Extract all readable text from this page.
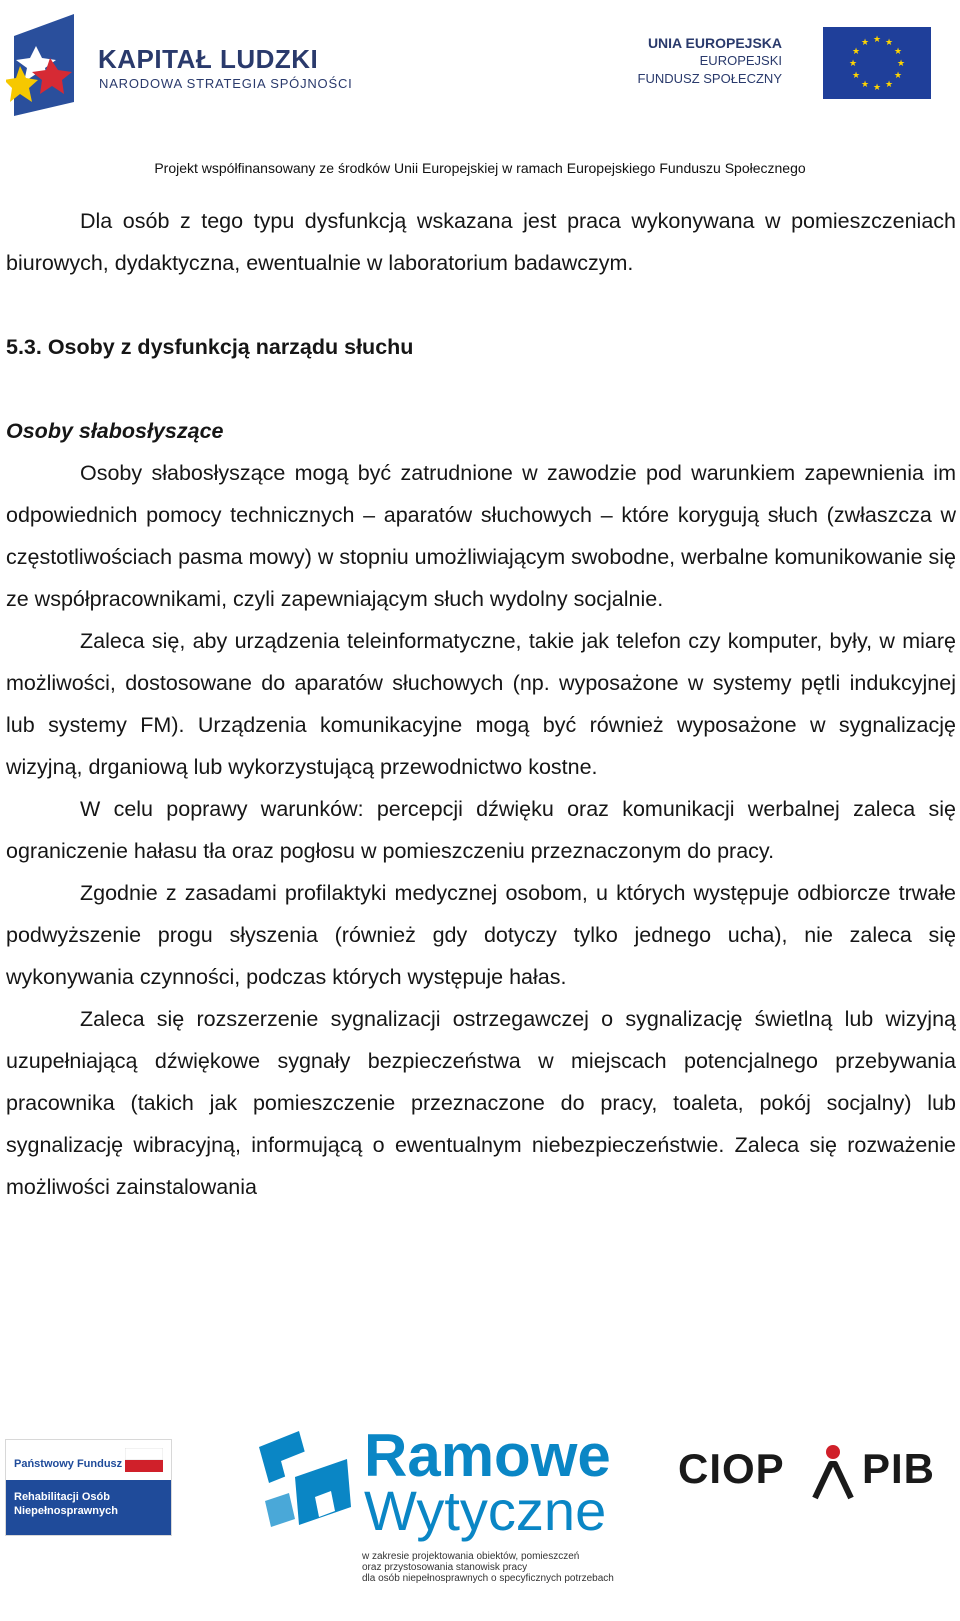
KAPITAŁ LUDZKI
NARODOWA STRATEGIA SPÓJNOŚCI
UNIA EUROPEJSKA
EUROPEJSKI
FUNDUSZ SPOŁECZNY
★ ★
★
★
★
★
★
★
★
★
★
★
Projekt współfinansowany ze środków Unii Europejskiej w ramach Europejskiego Funduszu Społecznego

Dla osób z tego typu dysfunkcją wskazana jest praca wykonywana w pomieszczeniach biurowych, dydaktyczna, ewentualnie w laboratorium badawczym.

5.3. Osoby z dysfunkcją narządu słuchu
Osoby słabosłyszące

Osoby słabosłyszące mogą być zatrudnione w zawodzie pod warunkiem zapewnienia im odpowiednich pomocy technicznych – aparatów słuchowych – które korygują słuch (zwłaszcza w częstotliwościach pasma mowy) w stopniu umożliwiającym swobodne, werbalne komunikowanie się ze współpracownikami, czyli zapewniającym słuch wydolny socjalnie.

Zaleca się, aby urządzenia teleinformatyczne, takie jak telefon czy komputer, były, w miarę możliwości, dostosowane do aparatów słuchowych (np. wyposażone w systemy pętli indukcyjnej lub systemy FM). Urządzenia komunikacyjne mogą być również wyposażone w sygnalizację wizyjną, drganiową lub wykorzystującą przewodnictwo kostne.

W celu poprawy warunków: percepcji dźwięku oraz komunikacji werbalnej zaleca się ograniczenie hałasu tła oraz pogłosu w pomieszczeniu przeznaczonym do pracy.

Zgodnie z zasadami profilaktyki medycznej osobom, u których występuje odbiorcze trwałe podwyższenie progu słyszenia (również gdy dotyczy tylko jednego ucha), nie zaleca się wykonywania czynności, podczas których występuje hałas.

Zaleca się rozszerzenie sygnalizacji ostrzegawczej o sygnalizację świetlną lub wizyjną uzupełniającą dźwiękowe sygnały bezpieczeństwa w miejscach potencjalnego przebywania pracownika (takich jak pomieszczenie przeznaczone do pracy, toaleta, pokój socjalny) lub sygnalizację wibracyjną, informującą o ewentualnym niebezpieczeństwie. Zaleca się rozważenie możliwości zainstalowania

Państwowy Fundusz
Rehabilitacji Osób
Niepełnosprawnych
Ramowe
Wytyczne
w zakresie projektowania obiektów, pomieszczeń
oraz przystosowania stanowisk pracy
dla osób niepełnosprawnych o specyficznych potrzebach
CIOP PIB
